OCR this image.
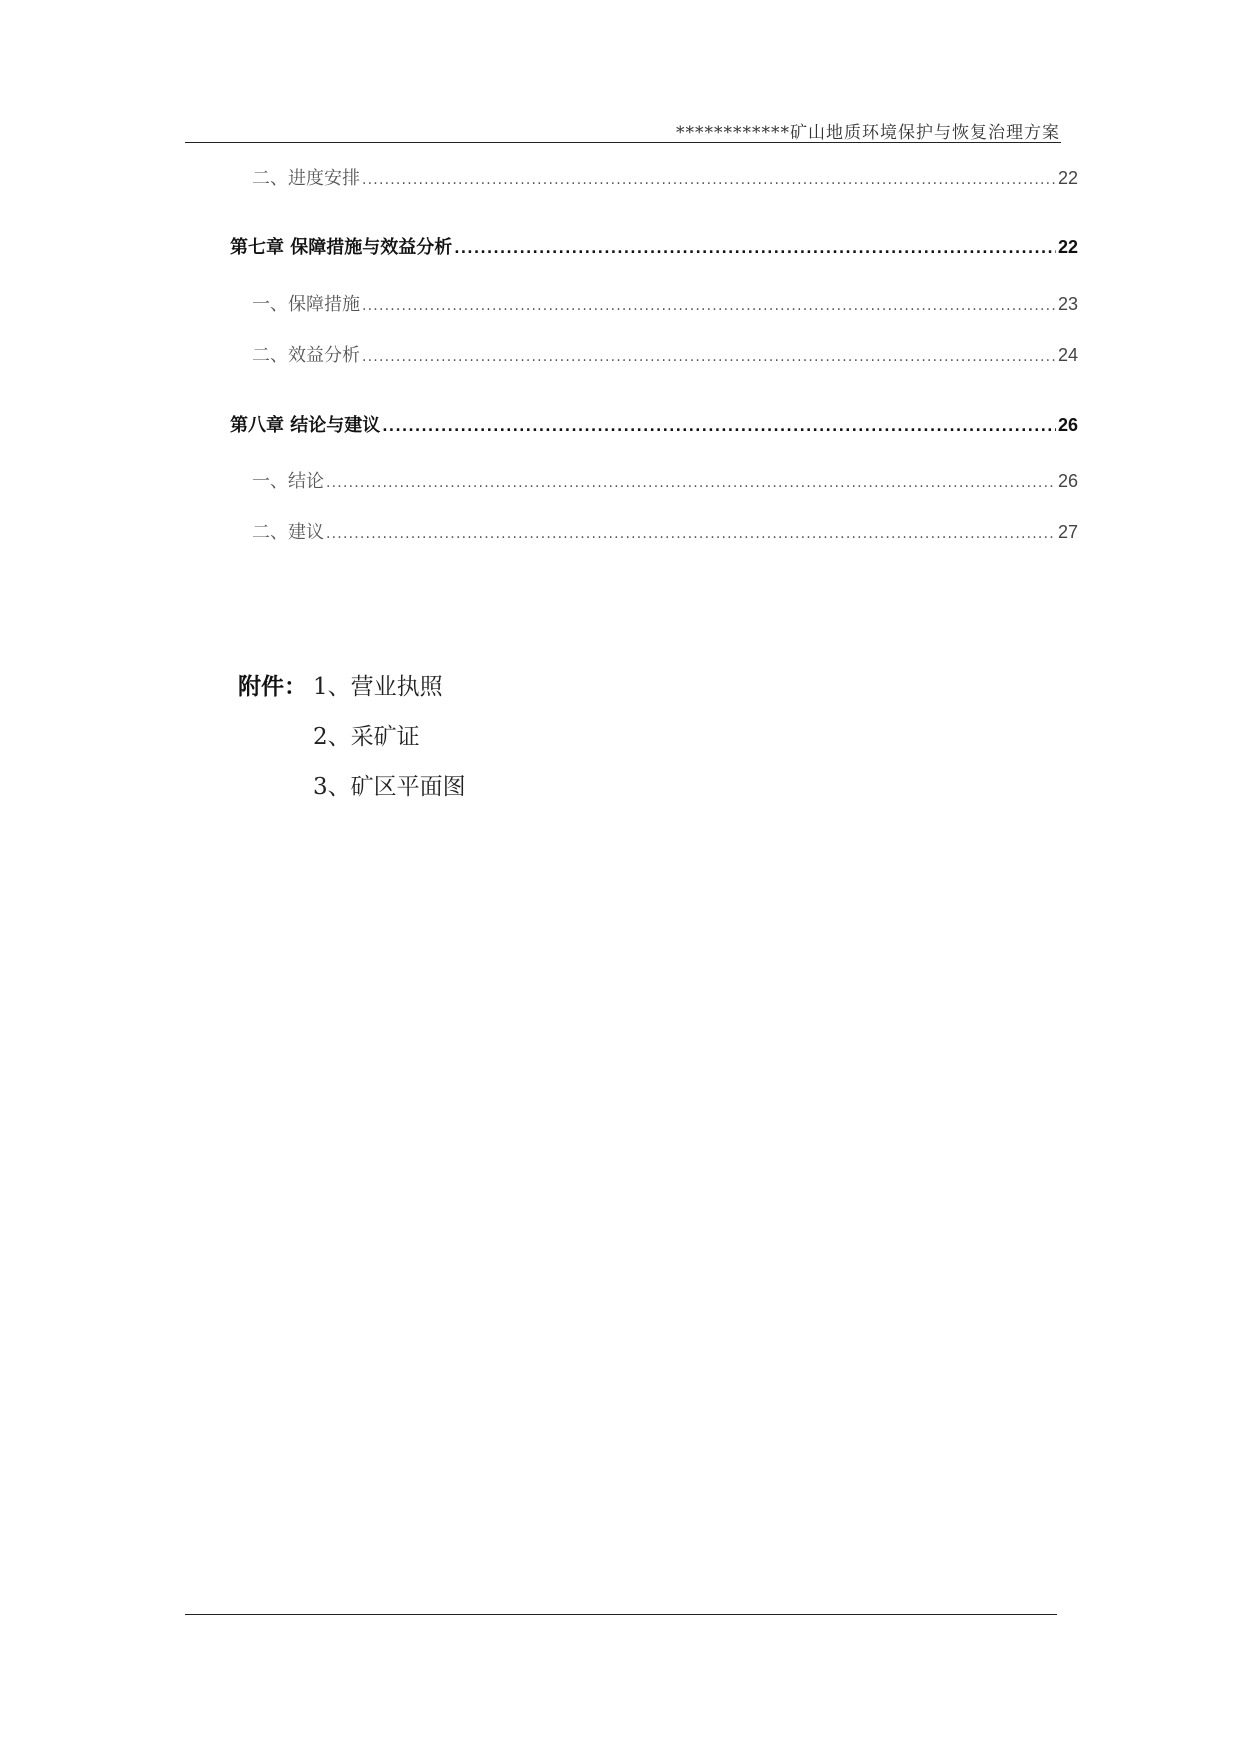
************矿山地质环境保护与恢复治理方案
二、进度安排 .....	22
第七章 保障措施与效益分析 .....	22
一、保障措施 .....	23
二、效益分析 .....	24
第八章 结论与建议 .....	26
一、结论 .....	26
二、建议 .....	27
附件： 1、营业执照
2、采矿证
3、矿区平面图
